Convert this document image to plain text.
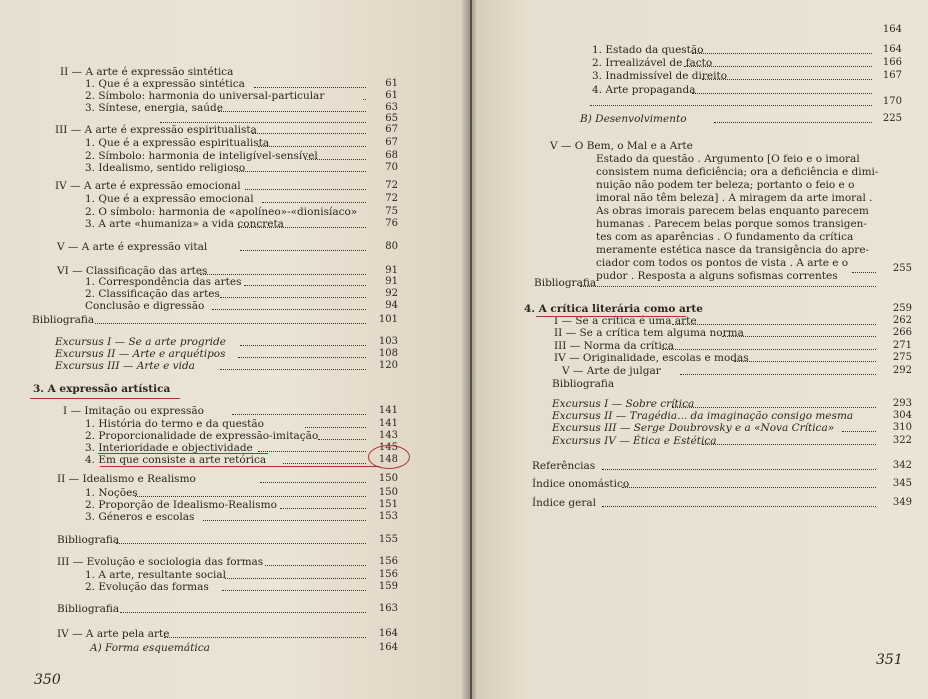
II — A arte é expressão sintética
1. Que é a expressão sintética	61
2. Símbolo: harmonia do universal-particular	61
3. Síntese, energia, saúde	63
65
III — A arte é expressão espiritualista	67
1. Que é a expressão espiritualista	67
2. Símbolo: harmonia de inteligível-sensível	68
3. Idealismo, sentido religioso	70
IV — A arte é expressão emocional	72
1. Que é a expressão emocional	72
2. O símbolo: harmonia de «apolíneo»-«dionisíaco»	75
3. A arte «humaniza» a vida concreta	76
V — A arte é expressão vital	80
VI — Classificação das artes	91
1. Correspondência das artes	91
2. Classificação das artes	92
Conclusão e digressão	94
Bibliografia	101
Excursus I — Se a arte progride	103
Excursus II — Arte e arquétipos	108
Excursus III — Arte e vida	120
3. A expressão artística
I — Imitação ou expressão	141
1. História do termo e da questão	141
2. Proporcionalidade de expressão-imitação	143
3. Interioridade e objectividade	145
4. Em que consiste a arte retórica	148
II — Idealismo e Realismo	150
1. Noções	150
2. Proporção de Idealismo-Realismo	151
3. Géneros e escolas	153
Bibliografia	155
III — Evolução e sociologia das formas	156
1. A arte, resultante social	156
2. Evolução das formas	159
Bibliografia	163
IV — A arte pela arte	164
A) Forma esquemática	164
350
164
1. Estado da questão	164
2. Irrealizável de facto	166
3. Inadmissível de direito	167
4. Arte propaganda
170
B) Desenvolvimento	225
V — O Bem, o Mal e a Arte
Estado da questão . Argumento [O feio e o imoral
consistem numa deficiência; ora a deficiência e dimi-
nuição não podem ter beleza; portanto o feio e o
imoral não têm beleza] . A miragem da arte imoral .
As obras imorais parecem belas enquanto parecem
humanas . Parecem belas porque somos transigen-
tes com as aparências . O fundamento da crítica
meramente estética nasce da transigência do apre-
ciador com todos os pontos de vista . A arte e o
pudor . Resposta a alguns sofismas correntes
255
Bibliografia
4. A crítica literária como arte	259
I — Se a crítica é uma arte	262
II — Se a crítica tem alguma norma	266
III — Norma da crítica	271
IV — Originalidade, escolas e modas	275
V — Arte de julgar	292
Bibliografia
Excursus I — Sobre crítica	293
Excursus II — Tragédia... da imaginação consigo mesma	304
Excursus III — Serge Doubrovsky e a «Nova Crítica»	310
Excursus IV — Ética e Estética	322
Referências	342
Índice onomástico	345
Índice geral	349
351
